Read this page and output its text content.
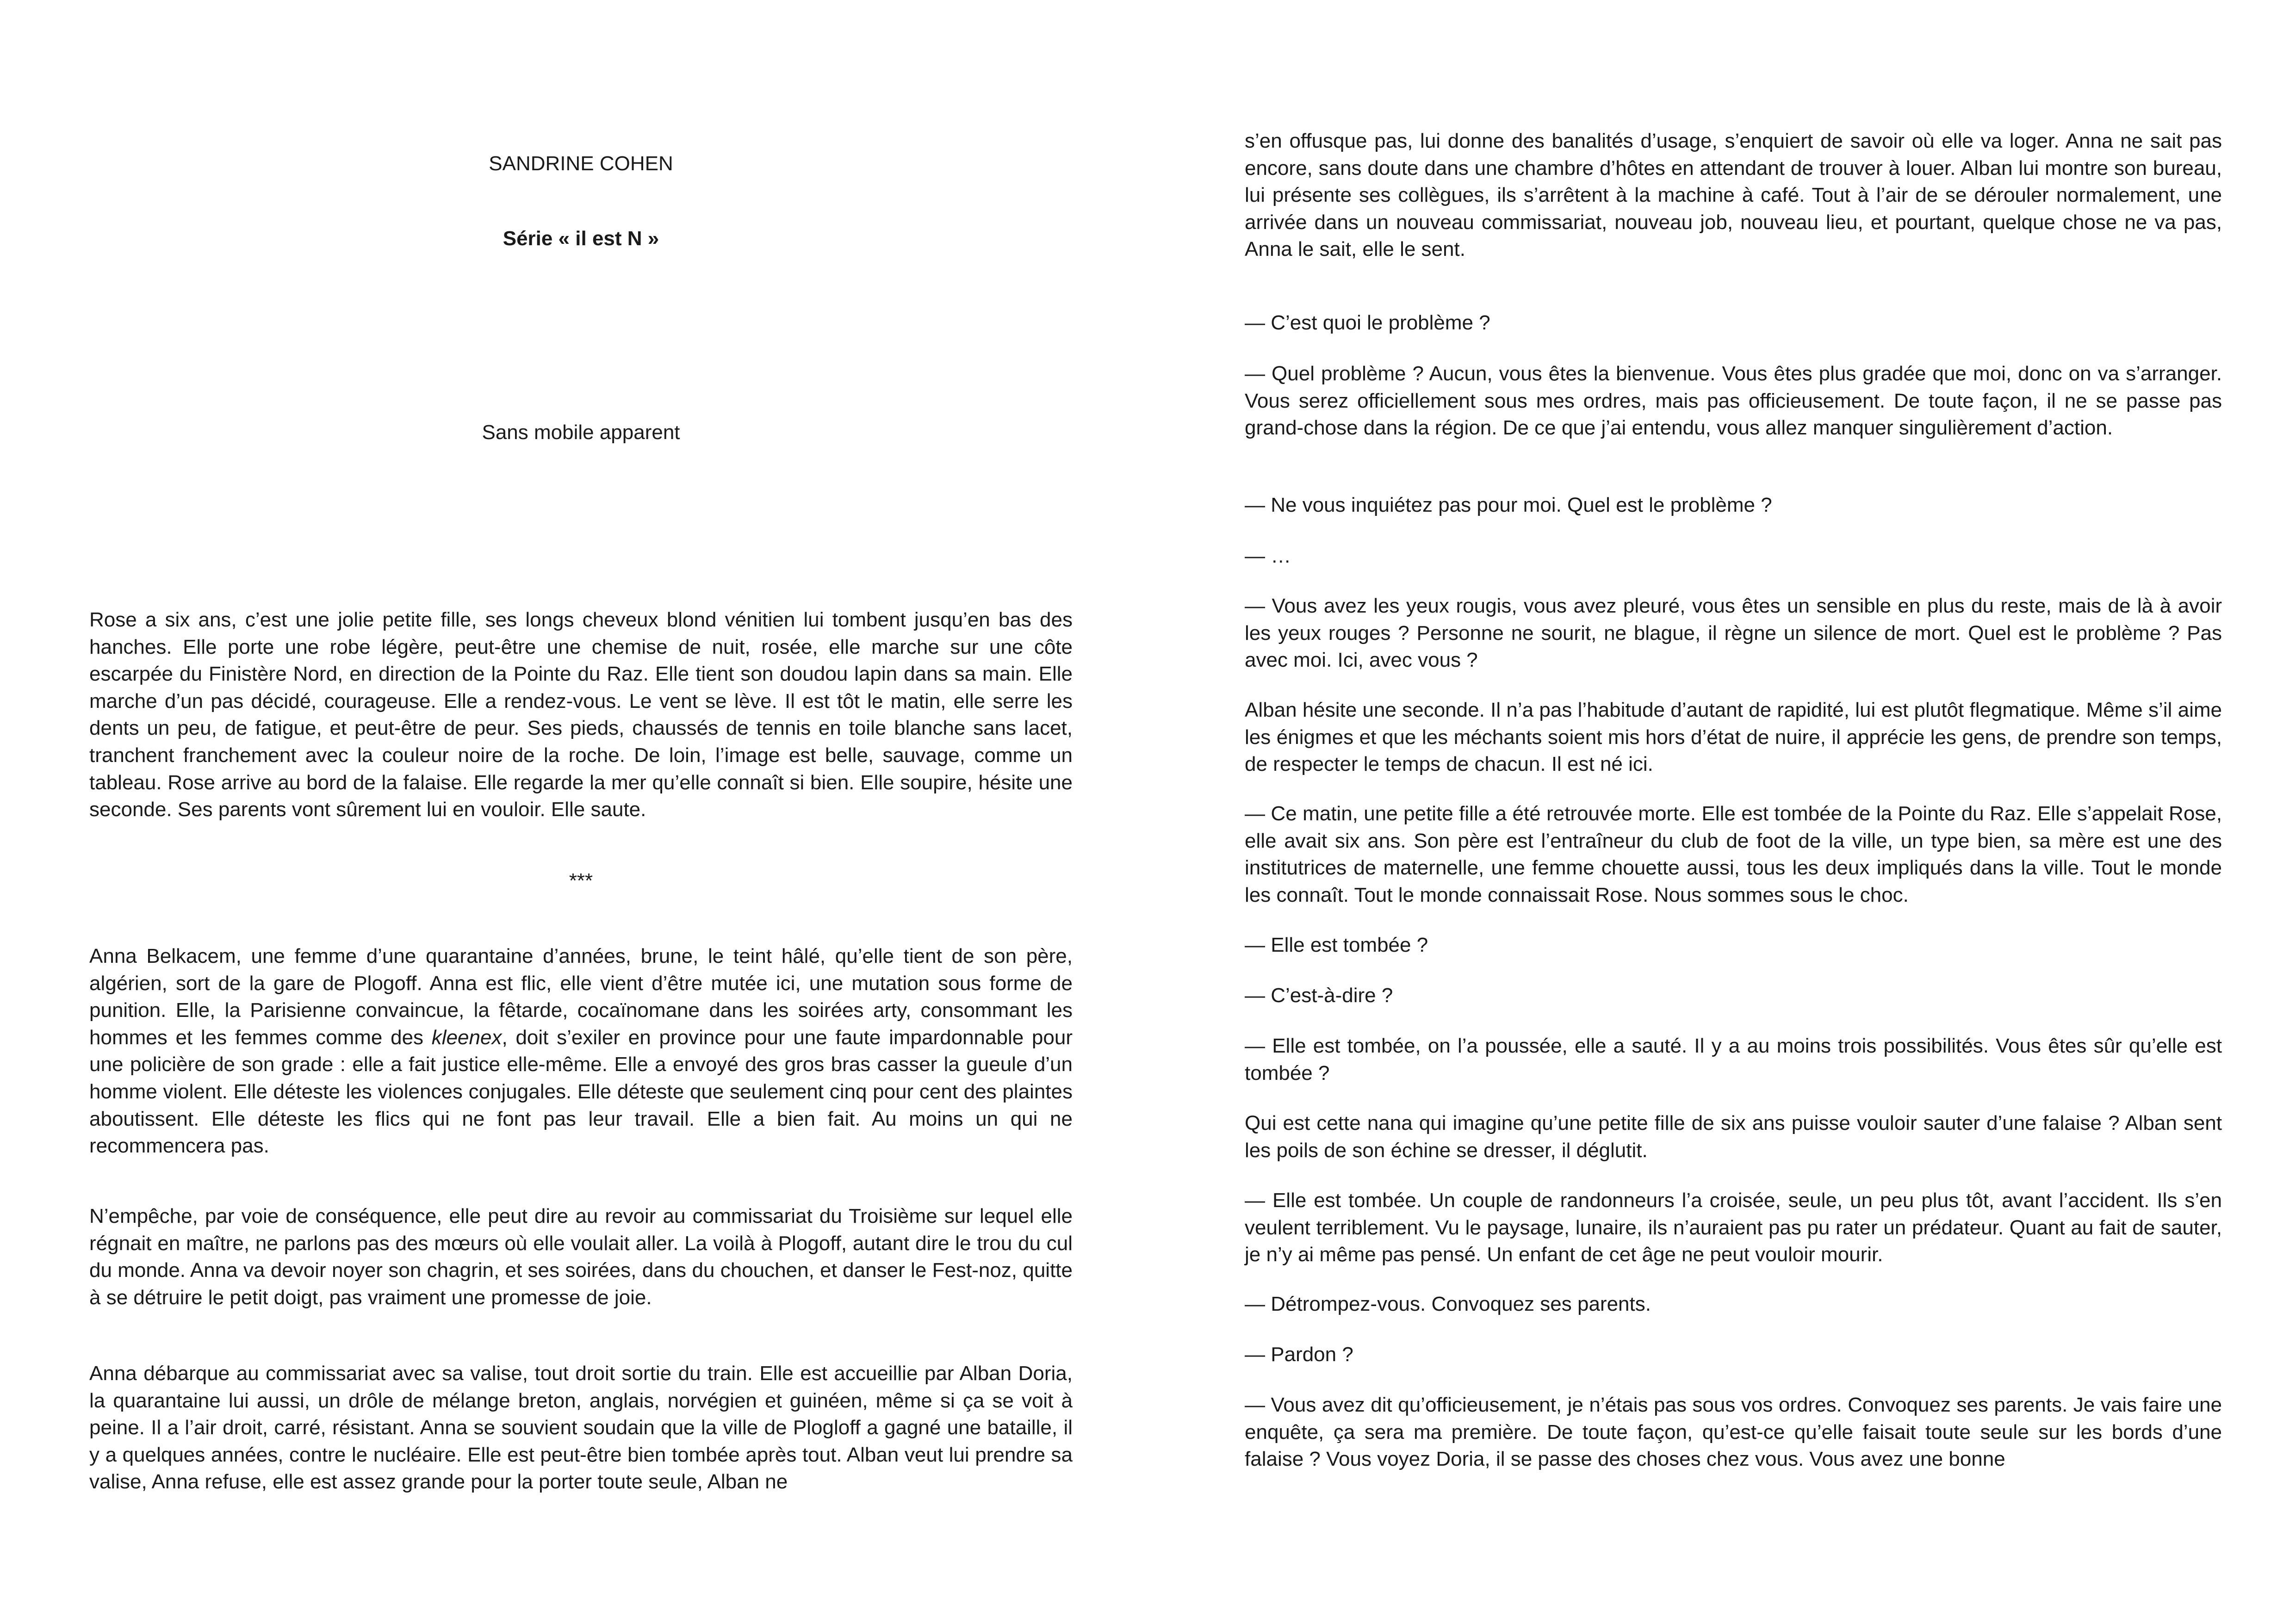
SANDRINE COHEN

Série « il est N »

Sans mobile apparent

Rose a six ans, c’est une jolie petite fille, ses longs cheveux blond vénitien lui tombent jusqu’en bas des hanches. Elle porte une robe légère, peut-être une chemise de nuit, rosée, elle marche sur une côte escarpée du Finistère Nord, en direction de la Pointe du Raz. Elle tient son doudou lapin dans sa main. Elle marche d’un pas décidé, courageuse. Elle a rendez-vous. Le vent se lève. Il est tôt le matin, elle serre les dents un peu, de fatigue, et peut-être de peur. Ses pieds, chaussés de tennis en toile blanche sans lacet, tranchent franchement avec la couleur noire de la roche. De loin, l’image est belle, sauvage, comme un tableau. Rose arrive au bord de la falaise. Elle regarde la mer qu’elle connaît si bien. Elle soupire, hésite une seconde. Ses parents vont sûrement lui en vouloir. Elle saute.

***

Anna Belkacem, une femme d’une quarantaine d’années, brune, le teint hâlé, qu’elle tient de son père, algérien, sort de la gare de Plogoff. Anna est flic, elle vient d’être mutée ici, une mutation sous forme de punition. Elle, la Parisienne convaincue, la fêtarde, cocaïnomane dans les soirées arty, consommant les hommes et les femmes comme des kleenex, doit s’exiler en province pour une faute impardonnable pour une policière de son grade : elle a fait justice elle-même. Elle a envoyé des gros bras casser la gueule d’un homme violent. Elle déteste les violences conjugales. Elle déteste que seulement cinq pour cent des plaintes aboutissent. Elle déteste les flics qui ne font pas leur travail. Elle a bien fait. Au moins un qui ne recommencera pas.

N’empêche, par voie de conséquence, elle peut dire au revoir au commissariat du Troisième sur lequel elle régnait en maître, ne parlons pas des mœurs où elle voulait aller. La voilà à Plogoff, autant dire le trou du cul du monde. Anna va devoir noyer son chagrin, et ses soirées, dans du chouchen, et danser le Fest-noz, quitte à se détruire le petit doigt, pas vraiment une promesse de joie.

Anna débarque au commissariat avec sa valise, tout droit sortie du train. Elle est accueillie par Alban Doria, la quarantaine lui aussi, un drôle de mélange breton, anglais, norvégien et guinéen, même si ça se voit à peine. Il a l’air droit, carré, résistant. Anna se souvient soudain que la ville de Plogloff a gagné une bataille, il y a quelques années, contre le nucléaire. Elle est peut-être bien tombée après tout. Alban veut lui prendre sa valise, Anna refuse, elle est assez grande pour la porter toute seule, Alban ne

s’en offusque pas, lui donne des banalités d’usage, s’enquiert de savoir où elle va loger. Anna ne sait pas encore, sans doute dans une chambre d’hôtes en attendant de trouver à louer. Alban lui montre son bureau, lui présente ses collègues, ils s’arrêtent à la machine à café. Tout à l’air de se dérouler normalement, une arrivée dans un nouveau commissariat, nouveau job, nouveau lieu, et pourtant, quelque chose ne va pas, Anna le sait, elle le sent.

— C’est quoi le problème ?

— Quel problème ? Aucun, vous êtes la bienvenue. Vous êtes plus gradée que moi, donc on va s’arranger. Vous serez officiellement sous mes ordres, mais pas officieusement. De toute façon, il ne se passe pas grand-chose dans la région. De ce que j’ai entendu, vous allez manquer singulièrement d’action.

— Ne vous inquiétez pas pour moi. Quel est le problème ?

— …

— Vous avez les yeux rougis, vous avez pleuré, vous êtes un sensible en plus du reste, mais de là à avoir les yeux rouges ? Personne ne sourit, ne blague, il règne un silence de mort. Quel est le problème ? Pas avec moi. Ici, avec vous ?

Alban hésite une seconde. Il n’a pas l’habitude d’autant de rapidité, lui est plutôt flegmatique. Même s’il aime les énigmes et que les méchants soient mis hors d’état de nuire, il apprécie les gens, de prendre son temps, de respecter le temps de chacun. Il est né ici.

— Ce matin, une petite fille a été retrouvée morte. Elle est tombée de la Pointe du Raz. Elle s’appelait Rose, elle avait six ans. Son père est l’entraîneur du club de foot de la ville, un type bien, sa mère est une des institutrices de maternelle, une femme chouette aussi, tous les deux impliqués dans la ville. Tout le monde les connaît. Tout le monde connaissait Rose. Nous sommes sous le choc.

— Elle est tombée ?

— C’est-à-dire ?

— Elle est tombée, on l’a poussée, elle a sauté. Il y a au moins trois possibilités. Vous êtes sûr qu’elle est tombée ?

Qui est cette nana qui imagine qu’une petite fille de six ans puisse vouloir sauter d’une falaise ? Alban sent les poils de son échine se dresser, il déglutit.

— Elle est tombée. Un couple de randonneurs l’a croisée, seule, un peu plus tôt, avant l’accident. Ils s’en veulent terriblement. Vu le paysage, lunaire, ils n’auraient pas pu rater un prédateur. Quant au fait de sauter, je n’y ai même pas pensé. Un enfant de cet âge ne peut vouloir mourir.

— Détrompez-vous. Convoquez ses parents.

— Pardon ?

— Vous avez dit qu’officieusement, je n’étais pas sous vos ordres. Convoquez ses parents. Je vais faire une enquête, ça sera ma première. De toute façon, qu’est-ce qu’elle faisait toute seule sur les bords d’une falaise ? Vous voyez Doria, il se passe des choses chez vous. Vous avez une bonne
